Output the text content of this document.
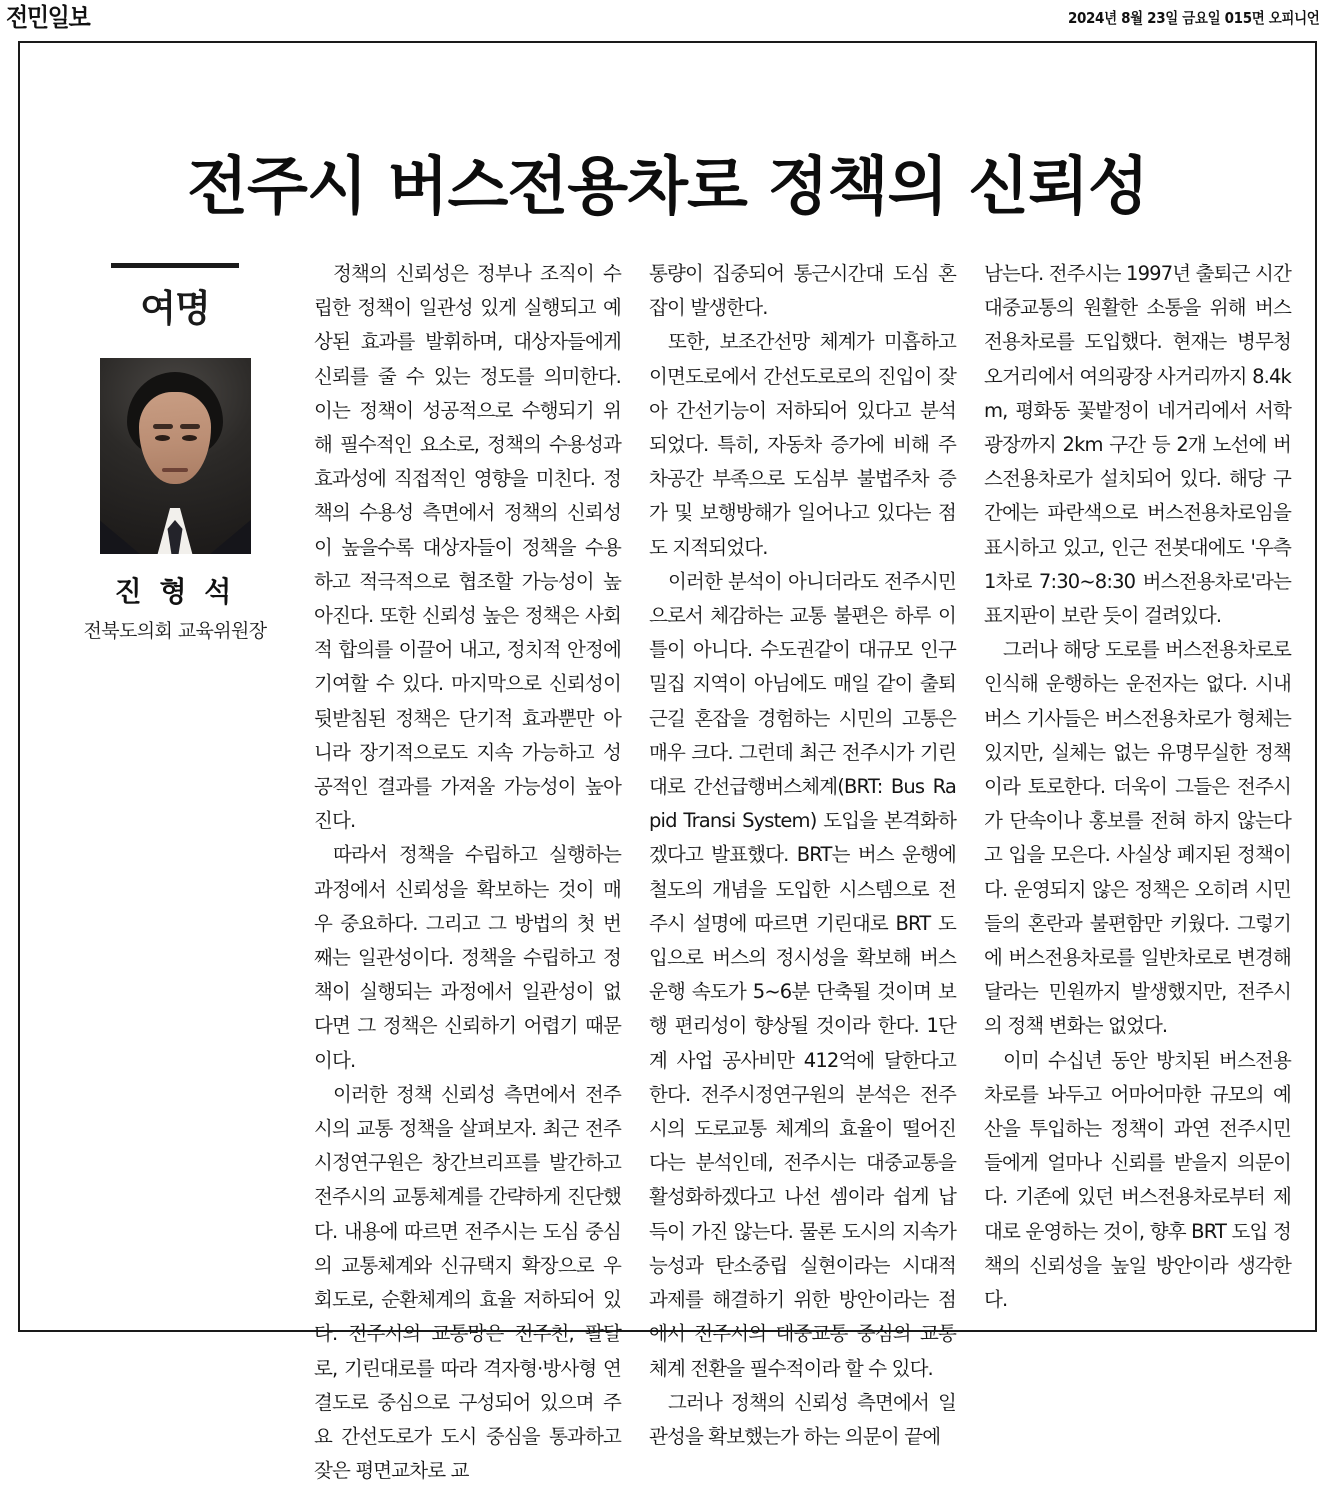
전민일보	2024년 8월 23일 금요일 015면 오피니언
전주시 버스전용차로 정책의 신뢰성
여명
진 형 석
전북도의회 교육위원장

정책의 신뢰성은 정부나 조직이 수립한 정책이 일관성 있게 실행되고 예상된 효과를 발휘하며, 대상자들에게 신뢰를 줄 수 있는 정도를 의미한다. 이는 정책이 성공적으로 수행되기 위해 필수적인 요소로, 정책의 수용성과 효과성에 직접적인 영향을 미친다. 정책의 수용성 측면에서 정책의 신뢰성이 높을수록 대상자들이 정책을 수용하고 적극적으로 협조할 가능성이 높아진다. 또한 신뢰성 높은 정책은 사회적 합의를 이끌어 내고, 정치적 안정에 기여할 수 있다. 마지막으로 신뢰성이 뒷받침된 정책은 단기적 효과뿐만 아니라 장기적으로도 지속 가능하고 성공적인 결과를 가져올 가능성이 높아진다.

따라서 정책을 수립하고 실행하는 과정에서 신뢰성을 확보하는 것이 매우 중요하다. 그리고 그 방법의 첫 번째는 일관성이다. 정책을 수립하고 정책이 실행되는 과정에서 일관성이 없다면 그 정책은 신뢰하기 어렵기 때문이다.

이러한 정책 신뢰성 측면에서 전주시의 교통 정책을 살펴보자. 최근 전주시정연구원은 창간브리프를 발간하고 전주시의 교통체계를 간략하게 진단했다. 내용에 따르면 전주시는 도심 중심의 교통체계와 신규택지 확장으로 우회도로, 순환체계의 효율 저하되어 있다. 전주시의 교통망은 전주천, 팔달로, 기린대로를 따라 격자형·방사형 연결도로 중심으로 구성되어 있으며 주요 간선도로가 도시 중심을 통과하고 잦은 평면교차로 교

통량이 집중되어 통근시간대 도심 혼잡이 발생한다.

또한, 보조간선망 체계가 미흡하고 이면도로에서 간선도로로의 진입이 잦아 간선기능이 저하되어 있다고 분석되었다. 특히, 자동차 증가에 비해 주차공간 부족으로 도심부 불법주차 증가 및 보행방해가 일어나고 있다는 점도 지적되었다.

이러한 분석이 아니더라도 전주시민으로서 체감하는 교통 불편은 하루 이틀이 아니다. 수도권같이 대규모 인구밀집 지역이 아님에도 매일 같이 출퇴근길 혼잡을 경험하는 시민의 고통은 매우 크다. 그런데 최근 전주시가 기린대로 간선급행버스체계(BRT: Bus Rapid Transi System) 도입을 본격화하겠다고 발표했다. BRT는 버스 운행에 철도의 개념을 도입한 시스템으로 전주시 설명에 따르면 기린대로 BRT 도입으로 버스의 정시성을 확보해 버스 운행 속도가 5~6분 단축될 것이며 보행 편리성이 향상될 것이라 한다. 1단계 사업 공사비만 412억에 달한다고 한다. 전주시정연구원의 분석은 전주시의 도로교통 체계의 효율이 떨어진다는 분석인데, 전주시는 대중교통을 활성화하겠다고 나선 셈이라 쉽게 납득이 가진 않는다. 물론 도시의 지속가능성과 탄소중립 실현이라는 시대적 과제를 해결하기 위한 방안이라는 점에서 전주시의 대중교통 중심의 교통체계 전환을 필수적이라 할 수 있다.

그러나 정책의 신뢰성 측면에서 일관성을 확보했는가 하는 의문이 끝에

남는다. 전주시는 1997년 출퇴근 시간 대중교통의 원활한 소통을 위해 버스전용차로를 도입했다. 현재는 병무청 오거리에서 여의광장 사거리까지 8.4km, 평화동 꽃밭정이 네거리에서 서학광장까지 2km 구간 등 2개 노선에 버스전용차로가 설치되어 있다. 해당 구간에는 파란색으로 버스전용차로임을 표시하고 있고, 인근 전봇대에도 '우측 1차로 7:30~8:30 버스전용차로'라는 표지판이 보란 듯이 걸려있다.

그러나 해당 도로를 버스전용차로로 인식해 운행하는 운전자는 없다. 시내버스 기사들은 버스전용차로가 형체는 있지만, 실체는 없는 유명무실한 정책이라 토로한다. 더욱이 그들은 전주시가 단속이나 홍보를 전혀 하지 않는다고 입을 모은다. 사실상 폐지된 정책이다. 운영되지 않은 정책은 오히려 시민들의 혼란과 불편함만 키웠다. 그렇기에 버스전용차로를 일반차로로 변경해 달라는 민원까지 발생했지만, 전주시의 정책 변화는 없었다.

이미 수십년 동안 방치된 버스전용차로를 놔두고 어마어마한 규모의 예산을 투입하는 정책이 과연 전주시민들에게 얼마나 신뢰를 받을지 의문이다. 기존에 있던 버스전용차로부터 제대로 운영하는 것이, 향후 BRT 도입 정책의 신뢰성을 높일 방안이라 생각한다.
